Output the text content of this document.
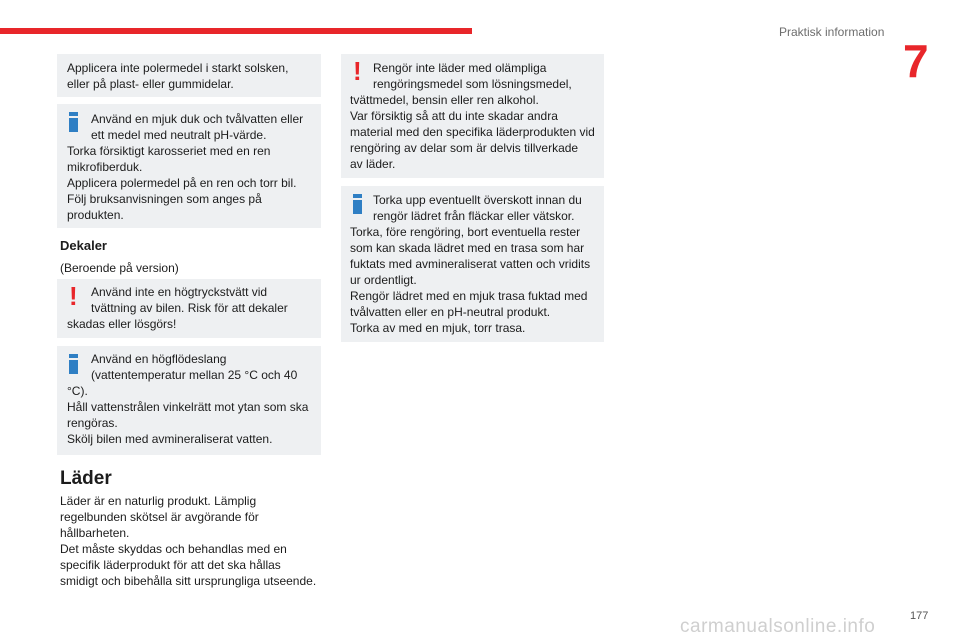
Praktisk information
7

Applicera inte polermedel i starkt solsken,

eller på plast- eller gummidelar.

Använd en mjuk duk och tvålvatten eller

ett medel med neutralt pH-värde.

Torka försiktigt karosseriet med en ren

mikrofiberduk.

Applicera polermedel på en ren och torr bil.

Följ bruksanvisningen som anges på

produkten.

Dekaler
(Beroende på version)
!	Använd inte en högtryckstvätt vid

tvättning av bilen. Risk för att dekaler

skadas eller lösgörs!

Använd en högflödeslang

(vattentemperatur mellan 25 °C och 40

°C).

Håll vattenstrålen vinkelrätt mot ytan som ska

rengöras.

Skölj bilen med avmineraliserat vatten.

Läder
Läder är en naturlig produkt. Lämplig
regelbunden skötsel är avgörande för
hållbarheten.
Det måste skyddas och behandlas med en
specifik läderprodukt för att det ska hållas
smidigt och bibehålla sitt ursprungliga utseende.
! Rengör inte läder med olämpliga

rengöringsmedel som lösningsmedel,

tvättmedel, bensin eller ren alkohol.

Var försiktig så att du inte skadar andra

material med den specifika läderprodukten vid

rengöring av delar som är delvis tillverkade

av läder.

Torka upp eventuellt överskott innan du

rengör lädret från fläckar eller vätskor.

Torka, före rengöring, bort eventuella rester

som kan skada lädret med en trasa som har

fuktats med avmineraliserat vatten och vridits

ur ordentligt.

Rengör lädret med en mjuk trasa fuktad med

tvålvatten eller en pH-neutral produkt.

Torka av med en mjuk, torr trasa.

carmanualsonline.info	177
